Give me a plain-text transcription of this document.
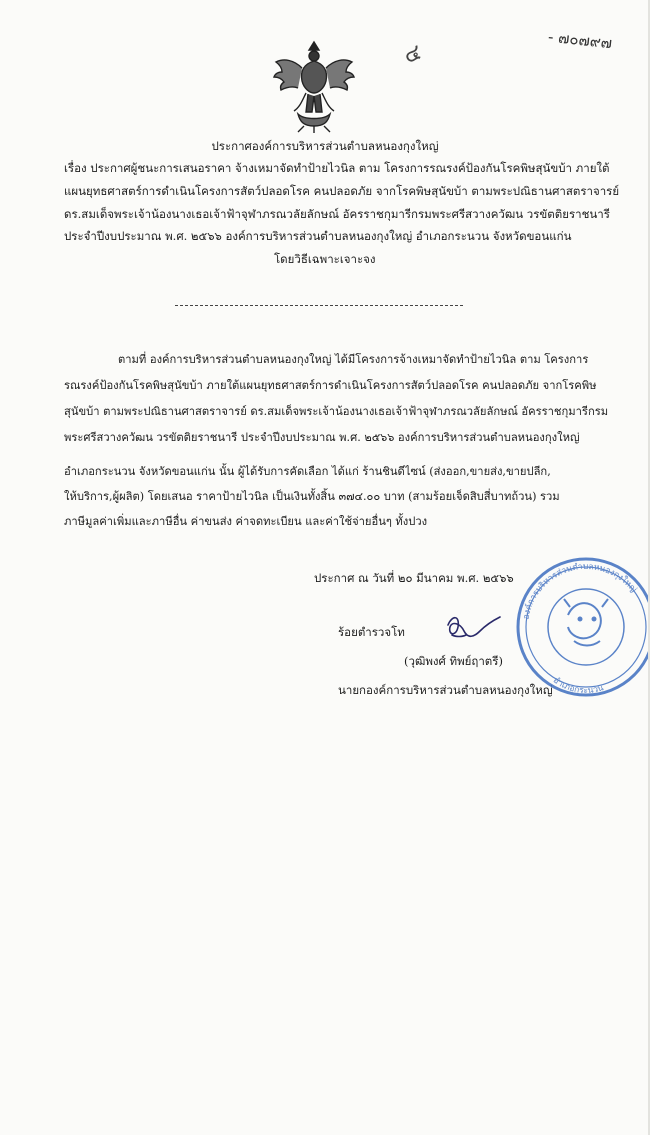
- ๗๐๗๙๗
๔
ประกาศองค์การบริหารส่วนตำบลหนองกุงใหญ่
เรื่อง ประกาศผู้ชนะการเสนอราคา จ้างเหมาจัดทำป้ายไวนิล ตาม โครงการรณรงค์ป้องกันโรคพิษสุนัขบ้า ภายใต้
แผนยุทธศาสตร์การดำเนินโครงการสัตว์ปลอดโรค คนปลอดภัย จากโรคพิษสุนัขบ้า ตามพระปณิธานศาสตราจารย์
ดร.สมเด็จพระเจ้าน้องนางเธอเจ้าฟ้าจุฬาภรณวลัยลักษณ์ อัครราชกุมารีกรมพระศรีสวางควัฒน วรขัตติยราชนารี
ประจำปีงบประมาณ พ.ศ. ๒๕๖๖ องค์การบริหารส่วนตำบลหนองกุงใหญ่ อำเภอกระนวน จังหวัดขอนแก่น
โดยวิธีเฉพาะเจาะจง
ตามที่ องค์การบริหารส่วนตำบลหนองกุงใหญ่ ได้มีโครงการจ้างเหมาจัดทำป้ายไวนิล ตาม โครงการ
รณรงค์ป้องกันโรคพิษสุนัขบ้า ภายใต้แผนยุทธศาสตร์การดำเนินโครงการสัตว์ปลอดโรค คนปลอดภัย จากโรคพิษ
สุนัขบ้า ตามพระปณิธานศาสตราจารย์ ดร.สมเด็จพระเจ้าน้องนางเธอเจ้าฟ้าจุฬาภรณวลัยลักษณ์ อัครราชกุมารีกรม
พระศรีสวางควัฒน วรขัตติยราชนารี ประจำปีงบประมาณ พ.ศ. ๒๕๖๖ องค์การบริหารส่วนตำบลหนองกุงใหญ่
อำเภอกระนวน จังหวัดขอนแก่น นั้น ผู้ได้รับการคัดเลือก ได้แก่ ร้านชินดีไซน์ (ส่งออก,ขายส่ง,ขายปลีก,
ให้บริการ,ผู้ผลิต) โดยเสนอ ราคาป้ายไวนิล เป็นเงินทั้งสิ้น ๓๗๔.๐๐ บาท (สามร้อยเจ็ดสิบสี่บาทถ้วน) รวม
ภาษีมูลค่าเพิ่มและภาษีอื่น ค่าขนส่ง ค่าจดทะเบียน และค่าใช้จ่ายอื่นๆ ทั้งปวง
ประกาศ ณ วันที่ ๒๐ มีนาคม พ.ศ. ๒๕๖๖
ร้อยตำรวจโท
(วุฒิพงศ์ ทิพย์ฤาตรี)
นายกองค์การบริหารส่วนตำบลหนองกุงใหญ่
องค์การบริหารส่วนตำบลหนองกุงใหญ่
อำเภอกระนวน
